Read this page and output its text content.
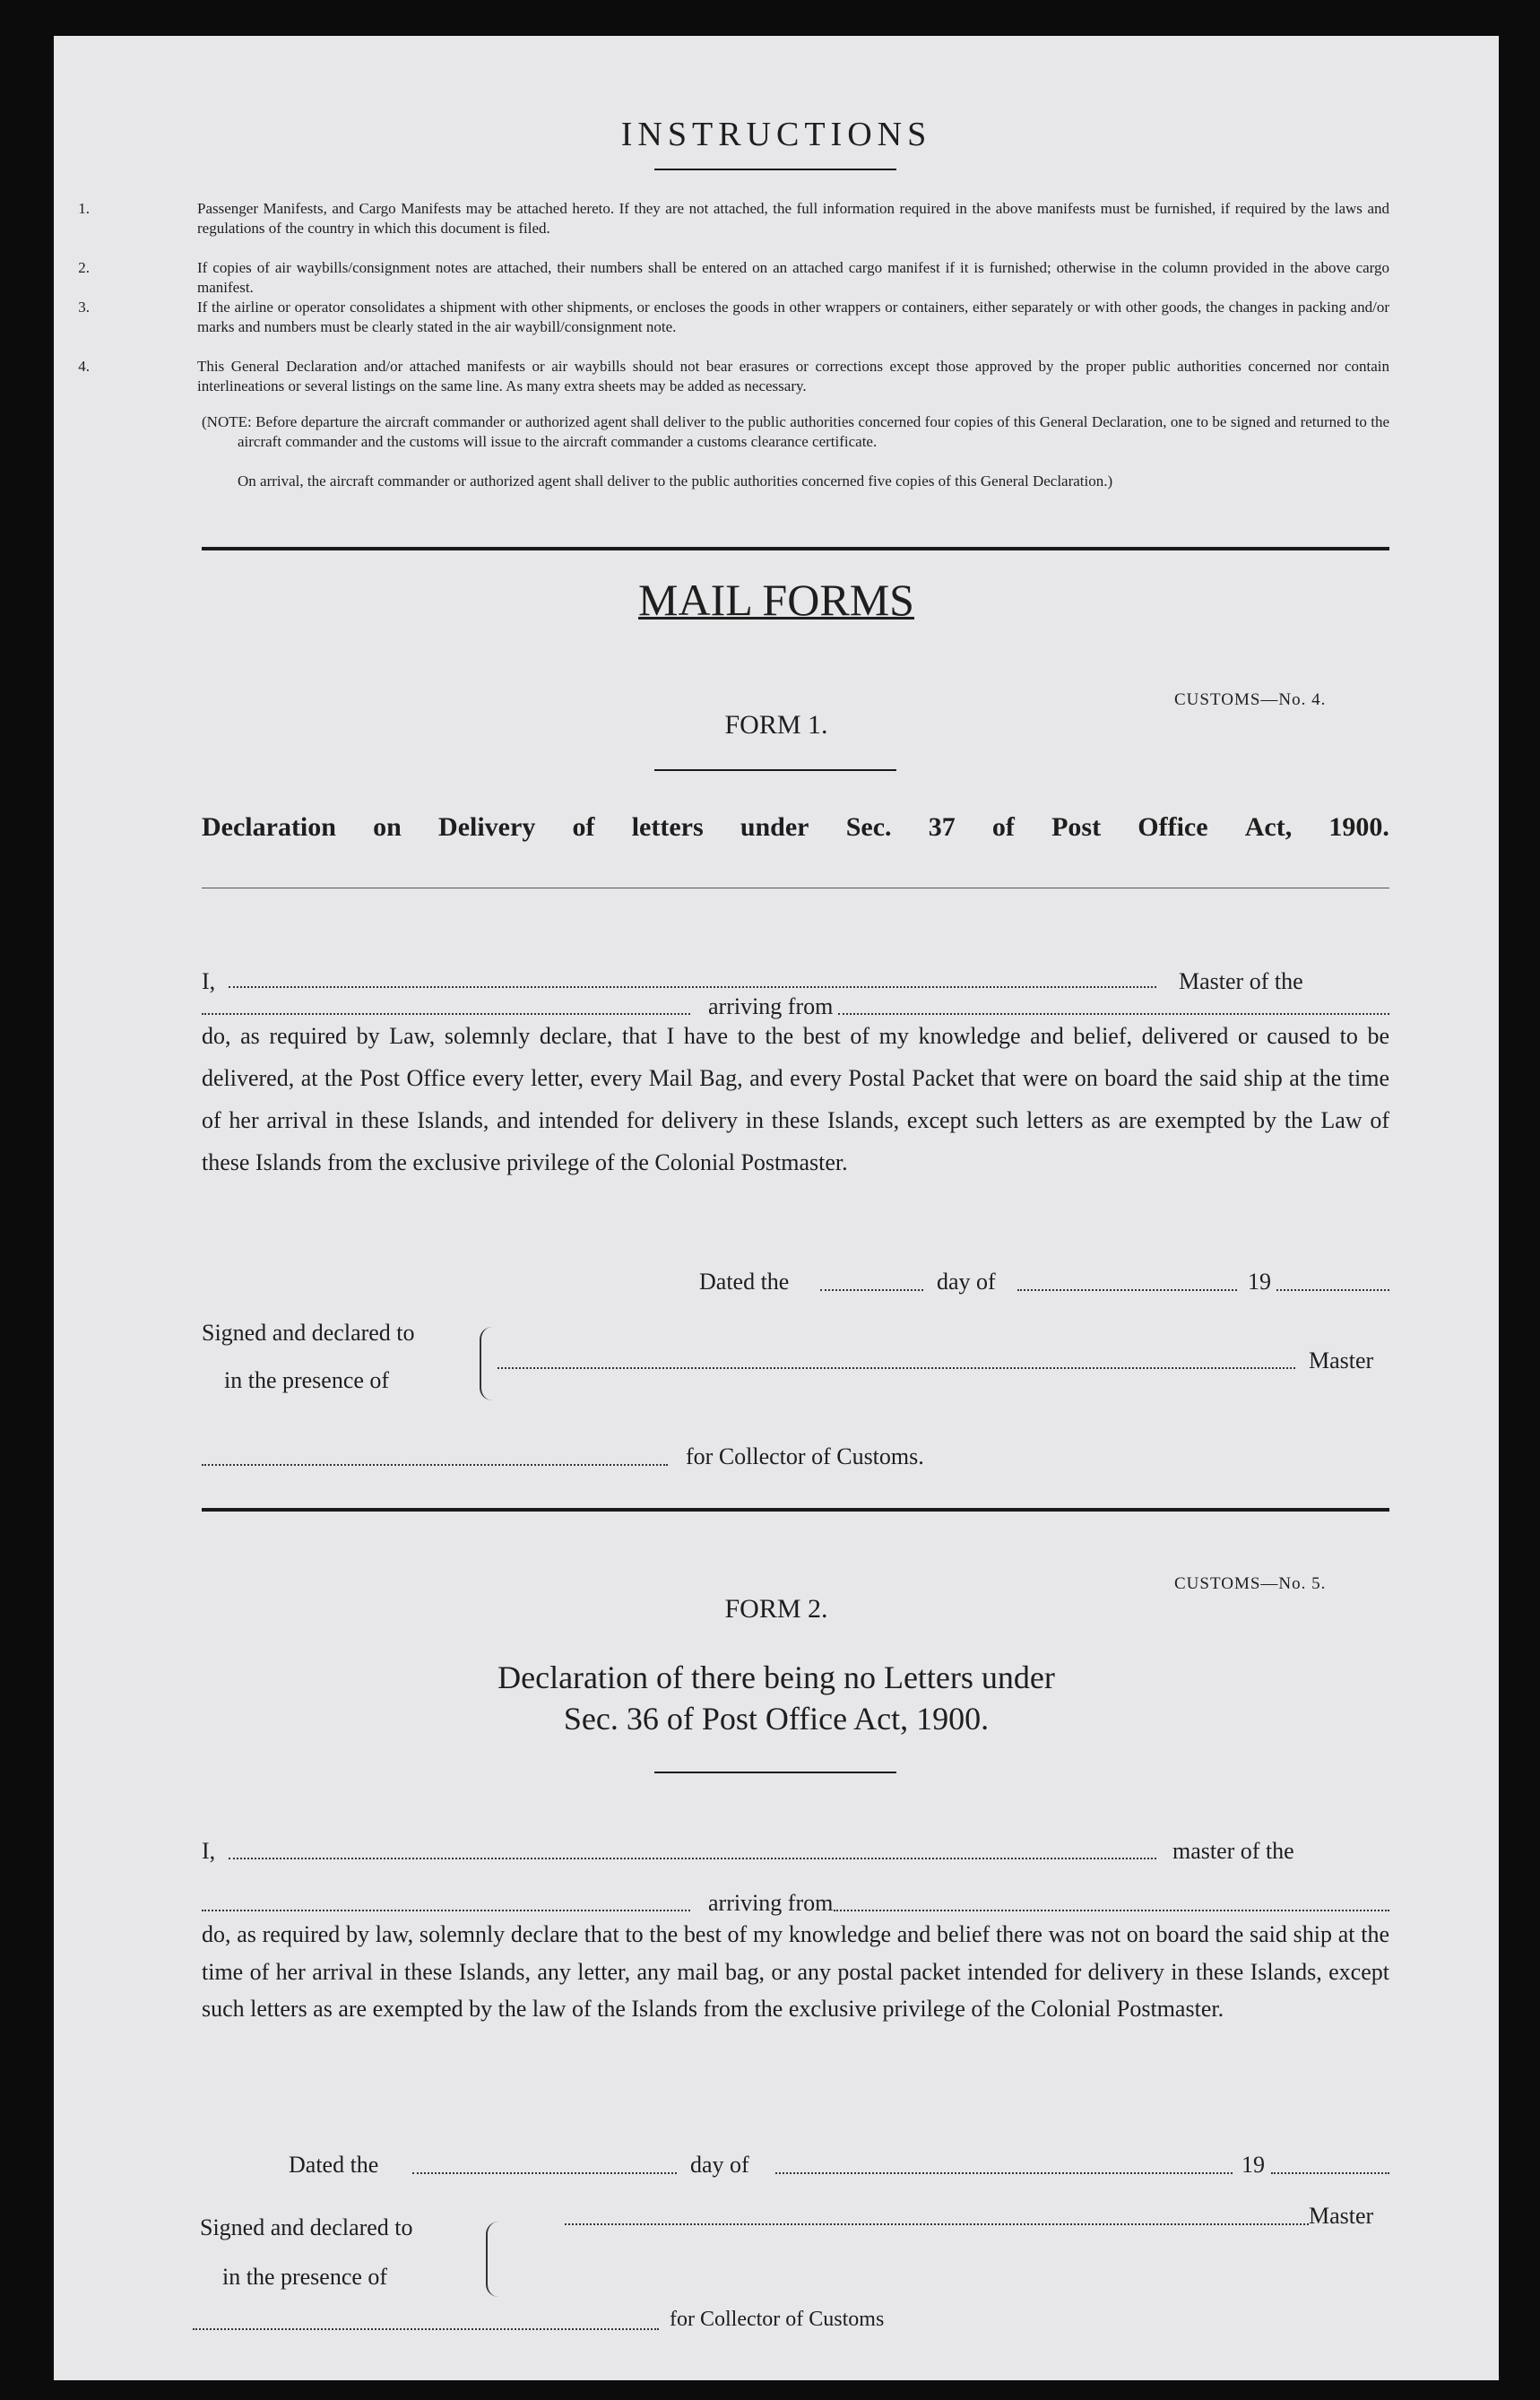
INSTRUCTIONS
1.	Passenger Manifests, and Cargo Manifests may be attached hereto. If they are not attached, the full information required in the above manifests must be furnished, if required by the laws and regulations of the country in which this document is filed.
2.	If copies of air waybills/consignment notes are attached, their numbers shall be entered on an attached cargo manifest if it is furnished; otherwise in the column provided in the above cargo manifest.
3.	If the airline or operator consolidates a shipment with other shipments, or encloses the goods in other wrappers or containers, either separately or with other goods, the changes in packing and/or marks and numbers must be clearly stated in the air waybill/consignment note.
4.	This General Declaration and/or attached manifests or air waybills should not bear erasures or corrections except those approved by the proper public authorities concerned nor contain interlineations or several listings on the same line. As many extra sheets may be added as necessary.
(NOTE: Before departure the aircraft commander or authorized agent shall deliver to the public authorities concerned four copies of this General Declaration, one to be signed and returned to the aircraft commander and the customs will issue to the aircraft commander a customs clearance certificate.
On arrival, the aircraft commander or authorized agent shall deliver to the public authorities concerned five copies of this General Declaration.)
MAIL FORMS
CUSTOMS—No. 4.
FORM 1.
Declaration on Delivery of letters under Sec. 37 of Post Office Act, 1900.
I,	Master of the
arriving from
do, as required by Law, solemnly declare, that I have to the best of my knowledge and belief, delivered or caused to be delivered, at the Post Office every letter, every Mail Bag, and every Postal Packet that were on board the said ship at the time of her arrival in these Islands, and intended for delivery in these Islands, except such letters as are exempted by the Law of these Islands from the exclusive privilege of the Colonial Postmaster.
Dated the	day of	19
Signed and declared to
in the presence of
Master
for Collector of Customs.
CUSTOMS—No. 5.
FORM 2.
Declaration of there being no Letters under
Sec. 36 of Post Office Act, 1900.
I,	master of the
arriving from
do, as required by law, solemnly declare that to the best of my knowledge and belief there was not on board the said ship at the time of her arrival in these Islands, any letter, any mail bag, or any postal packet intended for delivery in these Islands, except such letters as are exempted by the law of the Islands from the exclusive privilege of the Colonial Postmaster.
Dated the	day of	19
Signed and declared to
in the presence of
Master
for Collector of Customs
